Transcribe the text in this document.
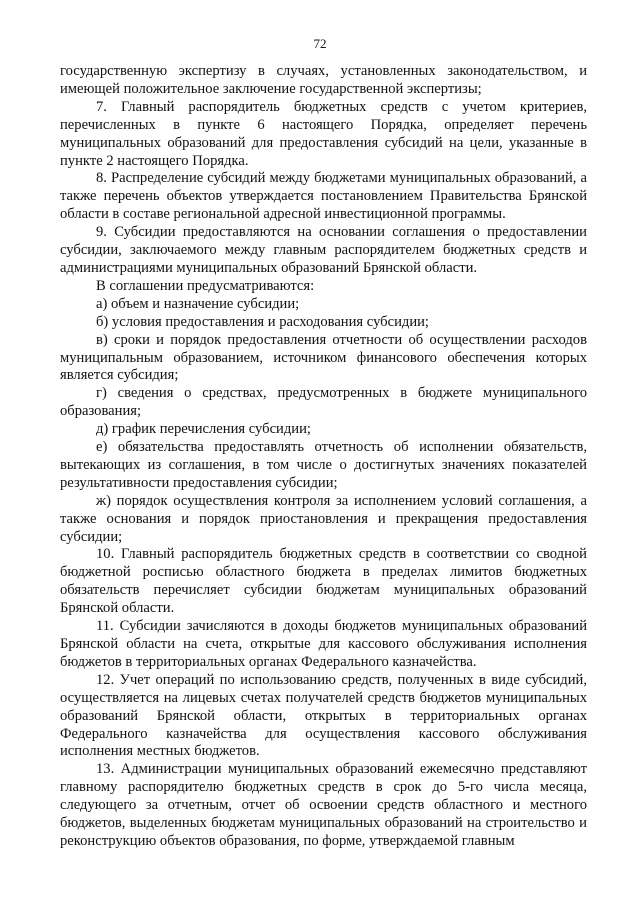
72

государственную экспертизу в случаях, установленных законодательством, и имеющей положительное заключение государственной экспертизы;

7. Главный распорядитель бюджетных средств с учетом критериев, перечисленных в пункте 6 настоящего Порядка, определяет перечень муниципальных образований для предоставления субсидий на цели, указанные в пункте 2 настоящего Порядка.

8. Распределение субсидий между бюджетами муниципальных образований, а также перечень объектов утверждается постановлением Правительства Брянской области в составе региональной адресной инвестиционной программы.

9. Субсидии предоставляются на основании соглашения о предоставлении субсидии, заключаемого между главным распорядителем бюджетных средств и администрациями муниципальных образований Брянской области.

В соглашении предусматриваются:

а) объем и назначение субсидии;

б) условия предоставления и расходования субсидии;

в) сроки и порядок предоставления отчетности об осуществлении расходов муниципальным образованием, источником финансового обеспечения которых является субсидия;

г) сведения о средствах, предусмотренных в бюджете муниципального образования;

д) график перечисления субсидии;

е) обязательства предоставлять отчетность об исполнении обязательств, вытекающих из соглашения, в том числе о достигнутых значениях показателей результативности предоставления субсидии;

ж) порядок осуществления контроля за исполнением условий соглашения, а также основания и порядок приостановления и прекращения предоставления субсидии;

10. Главный распорядитель бюджетных средств в соответствии со сводной бюджетной росписью областного бюджета в пределах лимитов бюджетных обязательств перечисляет субсидии бюджетам муниципальных образований Брянской области.

11. Субсидии зачисляются в доходы бюджетов муниципальных образований Брянской области на счета, открытые для кассового обслуживания исполнения бюджетов в территориальных органах Федерального казначейства.

12. Учет операций по использованию средств, полученных в виде субсидий, осуществляется на лицевых счетах получателей средств бюджетов муниципальных образований Брянской области, открытых в территориальных органах Федерального казначейства для осуществления кассового обслуживания исполнения местных бюджетов.

13. Администрации муниципальных образований ежемесячно представляют главному распорядителю бюджетных средств в срок до 5-го числа месяца, следующего за отчетным, отчет об освоении средств областного и местного бюджетов, выделенных бюджетам муниципальных образований на строительство и реконструкцию объектов образования, по форме, утверждаемой главным
